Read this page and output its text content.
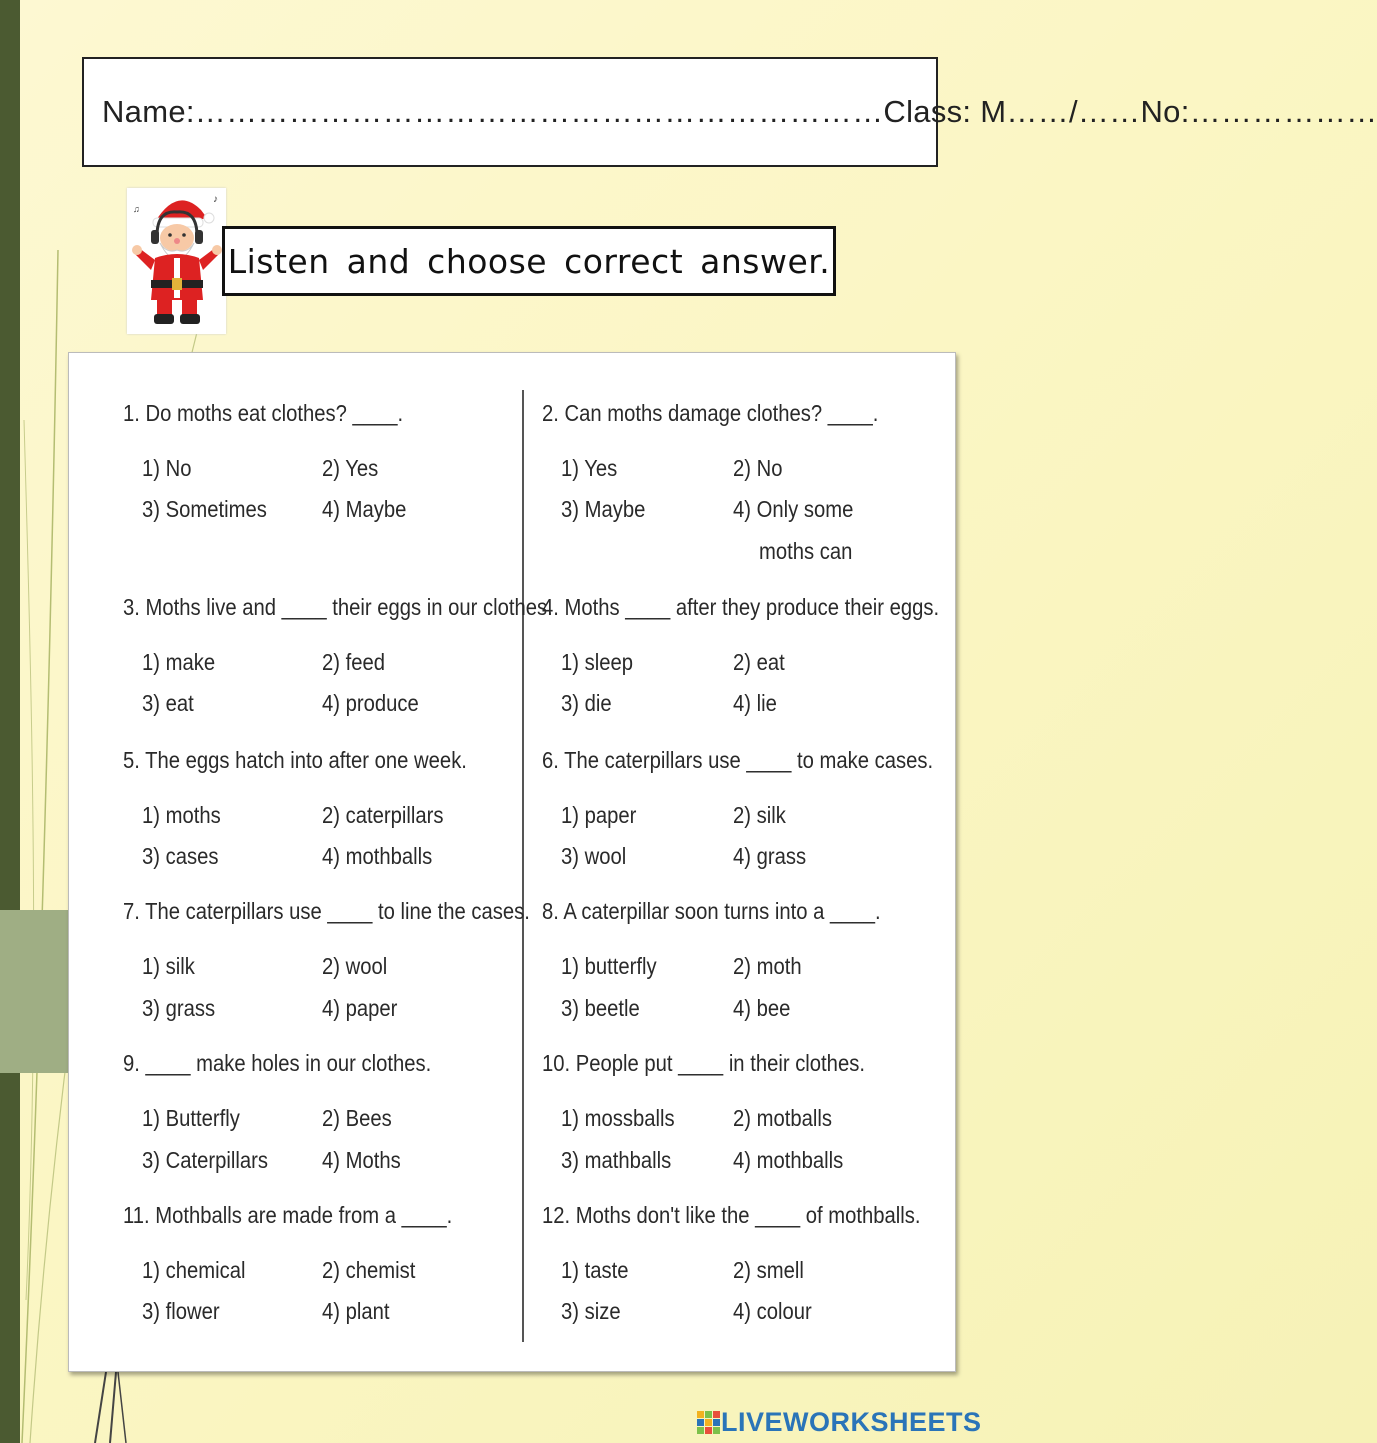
Name:………………………………………………………… Class: M……/…… No:………………
♪
♫
Listen and choose correct answer.
1. Do moths eat clothes? ____.
1) No	2) Yes
3) Sometimes 4) Maybe
2. Can moths damage clothes? ____.
1) Yes	2) No
3) Maybe	4) Only some
moths can
3. Moths live and ____ their eggs in our clothes.
1) make	2) feed
3) eat	4) produce
4. Moths ____ after they produce their eggs.
1) sleep	2) eat
3) die	4) lie
5. The eggs hatch into after one week.
1) moths	2) caterpillars
3) cases	4) mothballs
6. The caterpillars use ____ to make cases.
1) paper	2) silk
3) wool	4) grass
7. The caterpillars use ____ to line the cases.
1) silk	2) wool
3) grass	4) paper
8. A caterpillar soon turns into a ____.
1) butterfly	2) moth
3) beetle	4) bee
9. ____ make holes in our clothes.
1) Butterfly	2) Bees
3) Caterpillars 4) Moths
10. People put ____ in their clothes.
1) mossballs	2) motballs
3) mathballs	4) mothballs
11. Mothballs are made from a ____.
1) chemical	2) chemist
3) flower	4) plant
12. Moths don't like the ____ of mothballs.
1) taste	2) smell
3) size	4) colour
LIVEWORKSHEETS
